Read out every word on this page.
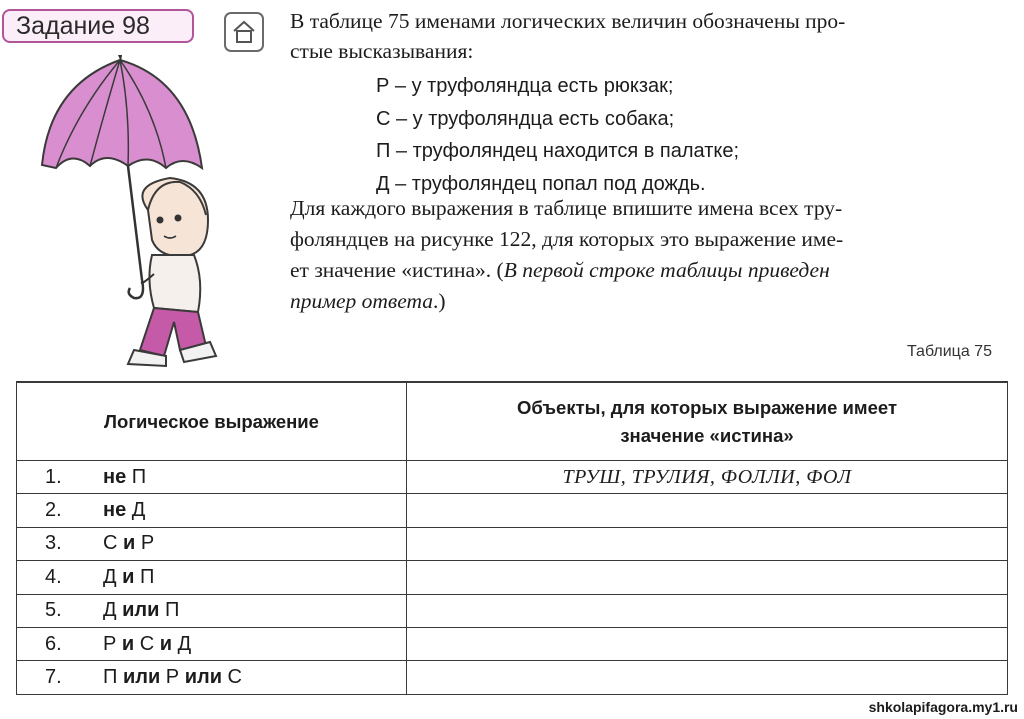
Задание 98	В таблице 75 именами логических величин обозначены про-
стые высказывания:
Р – у труфоляндца есть рюкзак;
С – у труфоляндца есть собака;
П – труфоляндец находится в палатке;
Д – труфоляндец попал под дождь.
Для каждого выражения в таблице впишите имена всех тру-
фоляндцев на рисунке 122, для которых это выражение име-
ет значение «истина». (В первой строке таблицы приведен
пример ответа.)
Таблица 75
Логическое выражение	Объекты, для которых выражение имеет
значение «истина»

1. не П	ТРУШ, ТРУЛИЯ, ФОЛЛИ, ФОЛ
2. не Д	
3. С и Р	
4. Д и П	
5. Д или П	
6. Р и С и Д	
7. П или Р или С	
shkolapifagora.my1.ru
